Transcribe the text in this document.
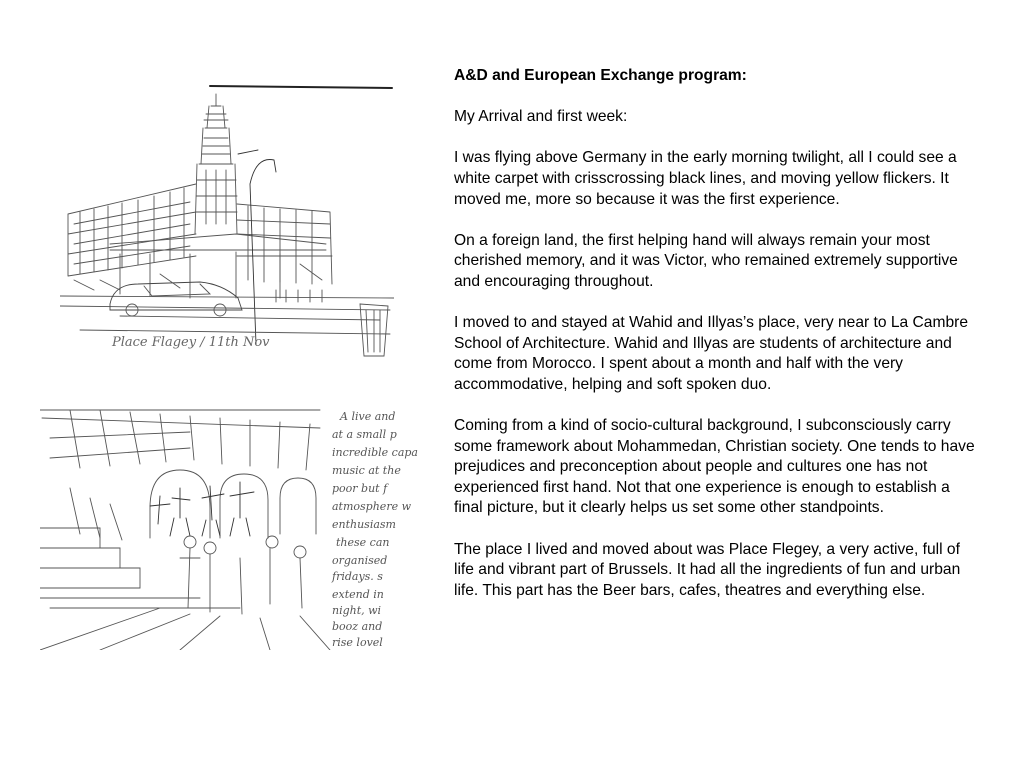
Place Flagey / 11th Nov
A live and
at a small p
incredible capa
music at the
poor but f
atmosphere w
enthusiasm
these can
organised
fridays. s
extend in
night, wi
booz and
rise lovel

A&D and European Exchange program:

My Arrival and first week:

I was flying above Germany in the early morning twilight, all I could see a white carpet with crisscrossing black lines, and moving yellow flickers. It moved me, more so because it was the first experience.

On a foreign land, the first helping hand will always remain your most cherished memory, and it was Victor, who remained extremely supportive and encouraging throughout.

I moved to and stayed at Wahid and Illyas’s place, very near to La Cambre School of Architecture. Wahid and Illyas are students of architecture and come from Morocco. I spent about a month and half with the very accommodative, helping and soft spoken duo.

Coming from a kind of socio-cultural background, I subconsciously carry some framework about Mohammedan, Christian society. One tends to have prejudices and preconception about people and cultures one has not experienced first hand. Not that one experience is enough to establish a final picture, but it clearly helps us set some other standpoints.

The place I lived and moved about was Place Flegey, a very active, full of life and vibrant part of Brussels. It had all the ingredients of fun and urban life. This part has the Beer bars, cafes, theatres and everything else.
